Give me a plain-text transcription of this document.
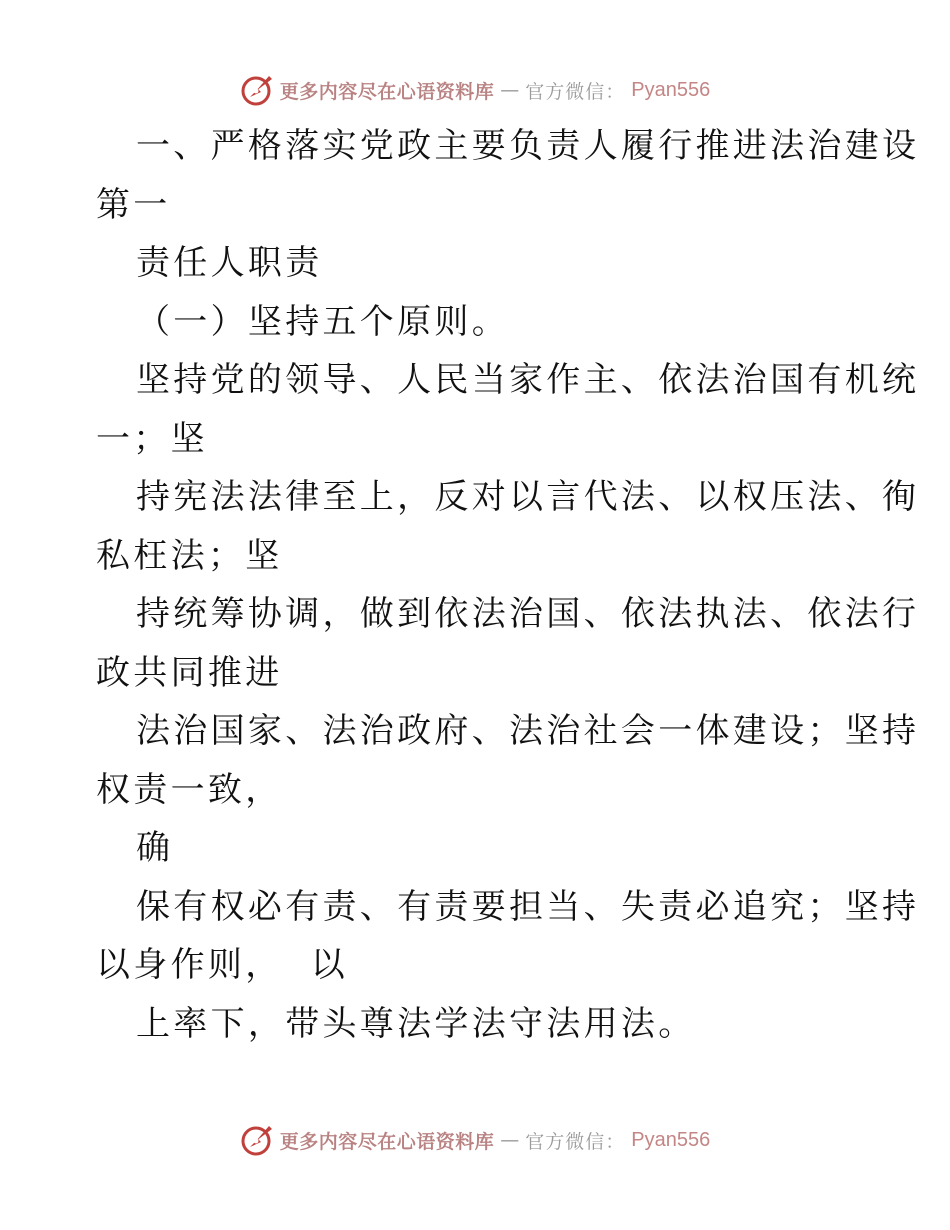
更多内容尽在心语资料库 — 官方微信： Pyan556
一、严格落实党政主要负责人履行推进法治建设
第一
责任人职责
（一）坚持五个原则。
坚持党的领导、人民当家作主、依法治国有机统
一；坚
持宪法法律至上，反对以言代法、以权压法、徇
私枉法；坚
持统筹协调，做到依法治国、依法执法、依法行
政共同推进
法治国家、法治政府、法治社会一体建设；坚持
权责一致，
确
保有权必有责、有责要担当、失责必追究；坚持
以身作则，  以
上率下，带头尊法学法守法用法。
更多内容尽在心语资料库 — 官方微信： Pyan556
